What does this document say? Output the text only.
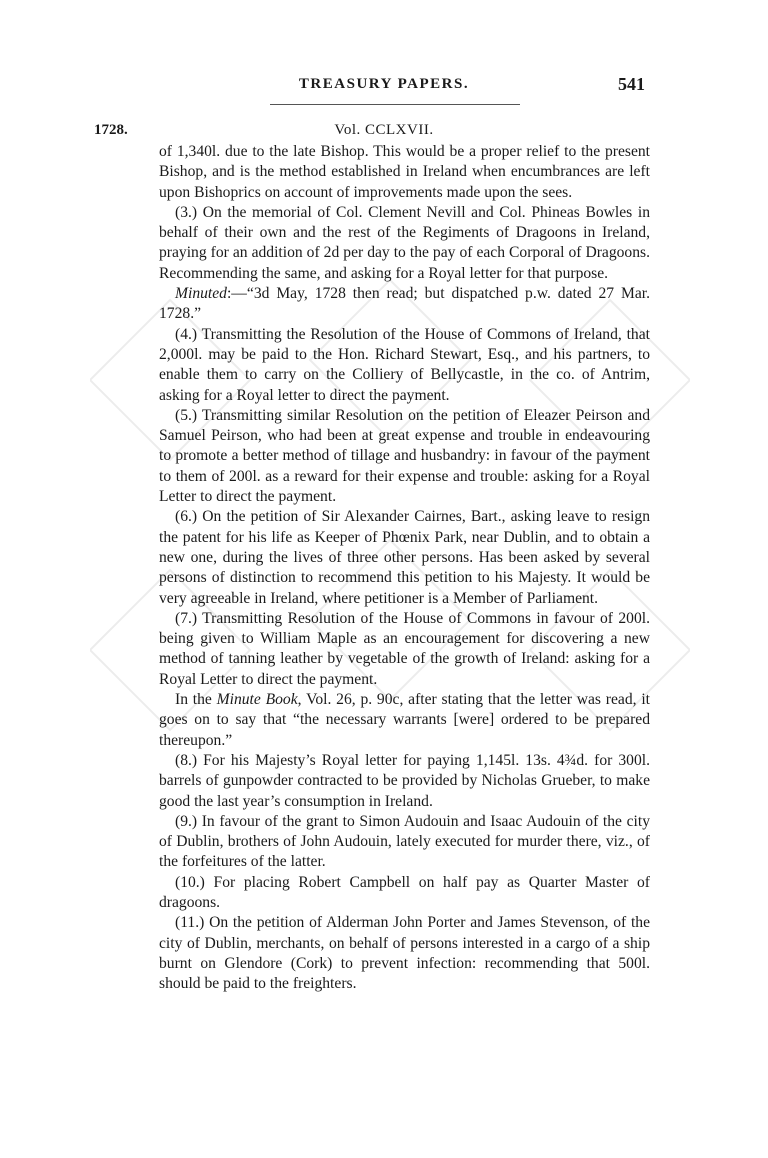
TREASURY PAPERS.	541
1728.	Vol. CCLXVII.

of 1,340l. due to the late Bishop. This would be a proper relief to the present Bishop, and is the method established in Ireland when encumbrances are left upon Bishoprics on account of improvements made upon the sees.

(3.) On the memorial of Col. Clement Nevill and Col. Phineas Bowles in behalf of their own and the rest of the Regiments of Dragoons in Ireland, praying for an addition of 2d per day to the pay of each Corporal of Dragoons. Recommending the same, and asking for a Royal letter for that purpose.

Minuted:—“3d May, 1728 then read; but dispatched p.w. dated 27 Mar. 1728.”

(4.) Transmitting the Resolution of the House of Commons of Ireland, that 2,000l. may be paid to the Hon. Richard Stewart, Esq., and his partners, to enable them to carry on the Colliery of Bellycastle, in the co. of Antrim, asking for a Royal letter to direct the payment.

(5.) Transmitting similar Resolution on the petition of Eleazer Peirson and Samuel Peirson, who had been at great expense and trouble in endeavouring to promote a better method of tillage and husbandry: in favour of the payment to them of 200l. as a reward for their expense and trouble: asking for a Royal Letter to direct the payment.

(6.) On the petition of Sir Alexander Cairnes, Bart., asking leave to resign the patent for his life as Keeper of Phœnix Park, near Dublin, and to obtain a new one, during the lives of three other persons. Has been asked by several persons of distinction to recommend this petition to his Majesty. It would be very agreeable in Ireland, where petitioner is a Member of Parliament.

(7.) Transmitting Resolution of the House of Commons in favour of 200l. being given to William Maple as an encouragement for discovering a new method of tanning leather by vegetable of the growth of Ireland: asking for a Royal Letter to direct the payment.

In the Minute Book, Vol. 26, p. 90c, after stating that the letter was read, it goes on to say that “the necessary warrants [were] ordered to be prepared thereupon.”

(8.) For his Majesty’s Royal letter for paying 1,145l. 13s. 4¾d. for 300l. barrels of gunpowder contracted to be provided by Nicholas Grueber, to make good the last year’s consumption in Ireland.

(9.) In favour of the grant to Simon Audouin and Isaac Audouin of the city of Dublin, brothers of John Audouin, lately executed for murder there, viz., of the forfeitures of the latter.

(10.) For placing Robert Campbell on half pay as Quarter Master of dragoons.

(11.) On the petition of Alderman John Porter and James Stevenson, of the city of Dublin, merchants, on behalf of persons interested in a cargo of a ship burnt on Glendore (Cork) to prevent infection: recommending that 500l. should be paid to the freighters.
